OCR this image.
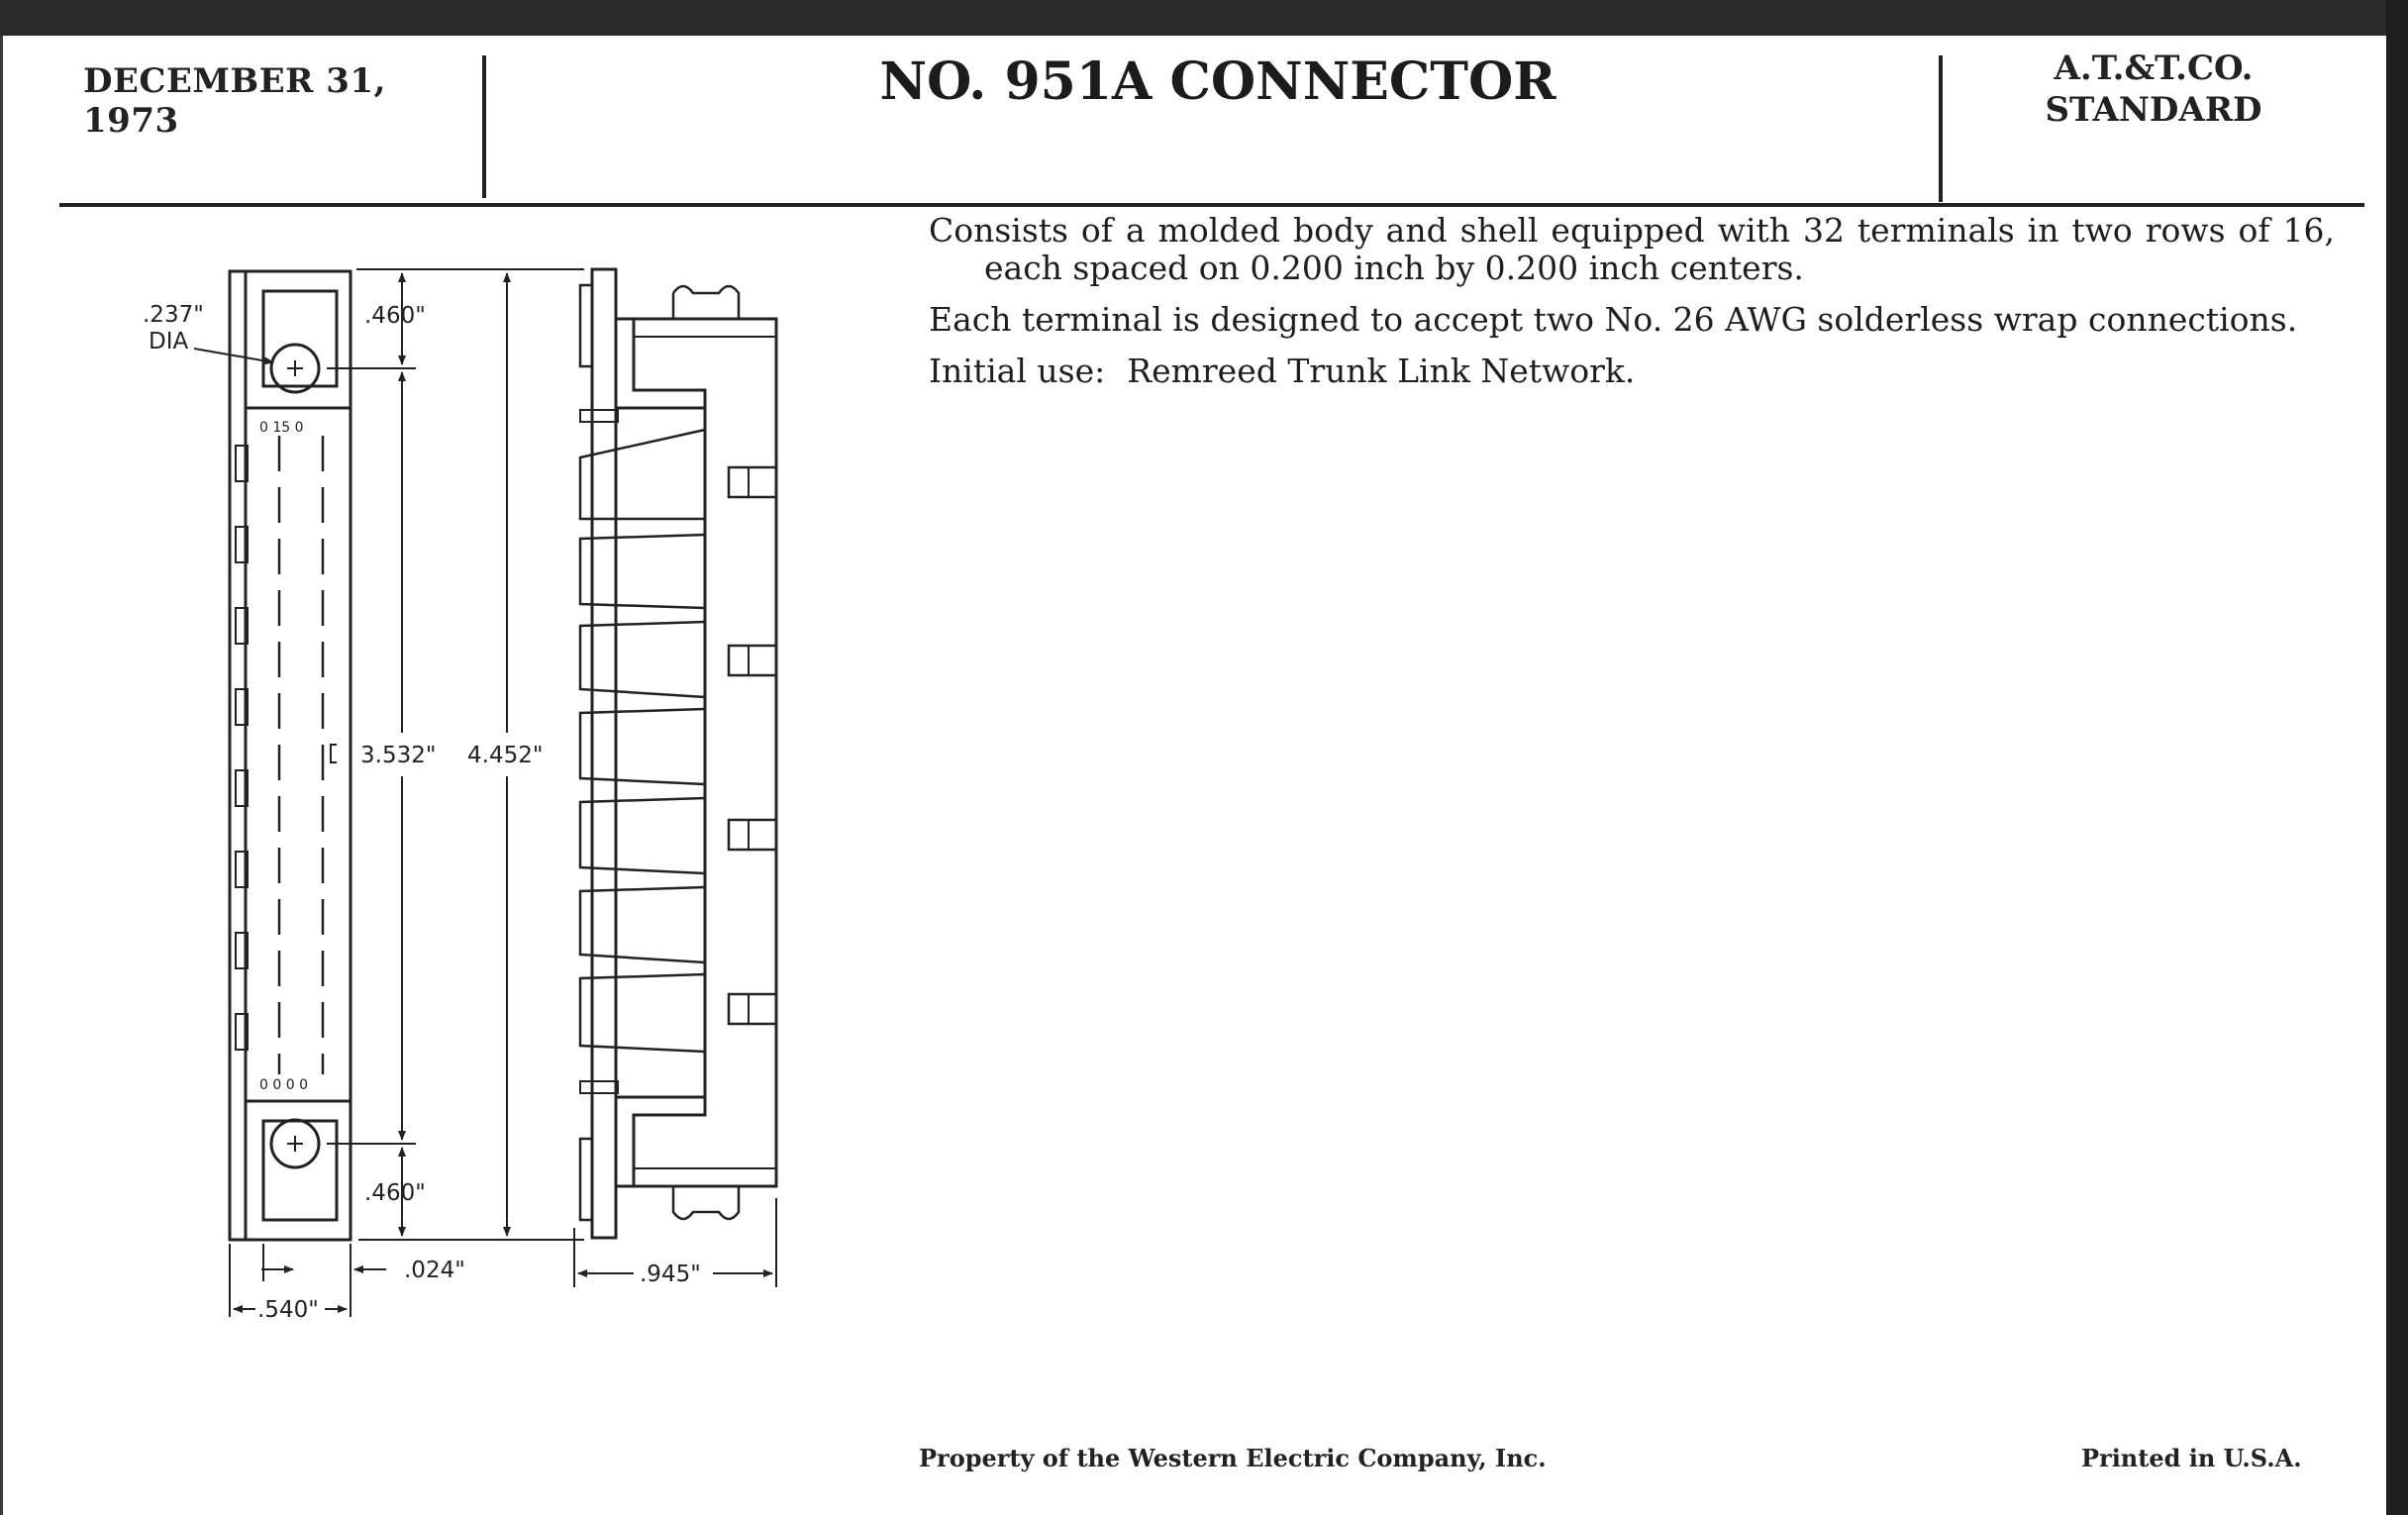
DECEMBER 31, 1973
NO. 951A CONNECTOR	A.T.&T.CO.
STANDARD

Consists of a molded body and shell equipped with 32 terminals in two rows of 16, each spaced on 0.200 inch by 0.200 inch centers.

Each terminal is designed to accept two No. 26 AWG solderless wrap connections.

Initial use: Remreed Trunk Link Network.

.237"
DIA
.460"
3.532" 4.452"
.460"
.540"
.024"	.945"
0 15 0
0 0 0 0
Property of the Western Electric Company, Inc.	Printed in U.S.A.
